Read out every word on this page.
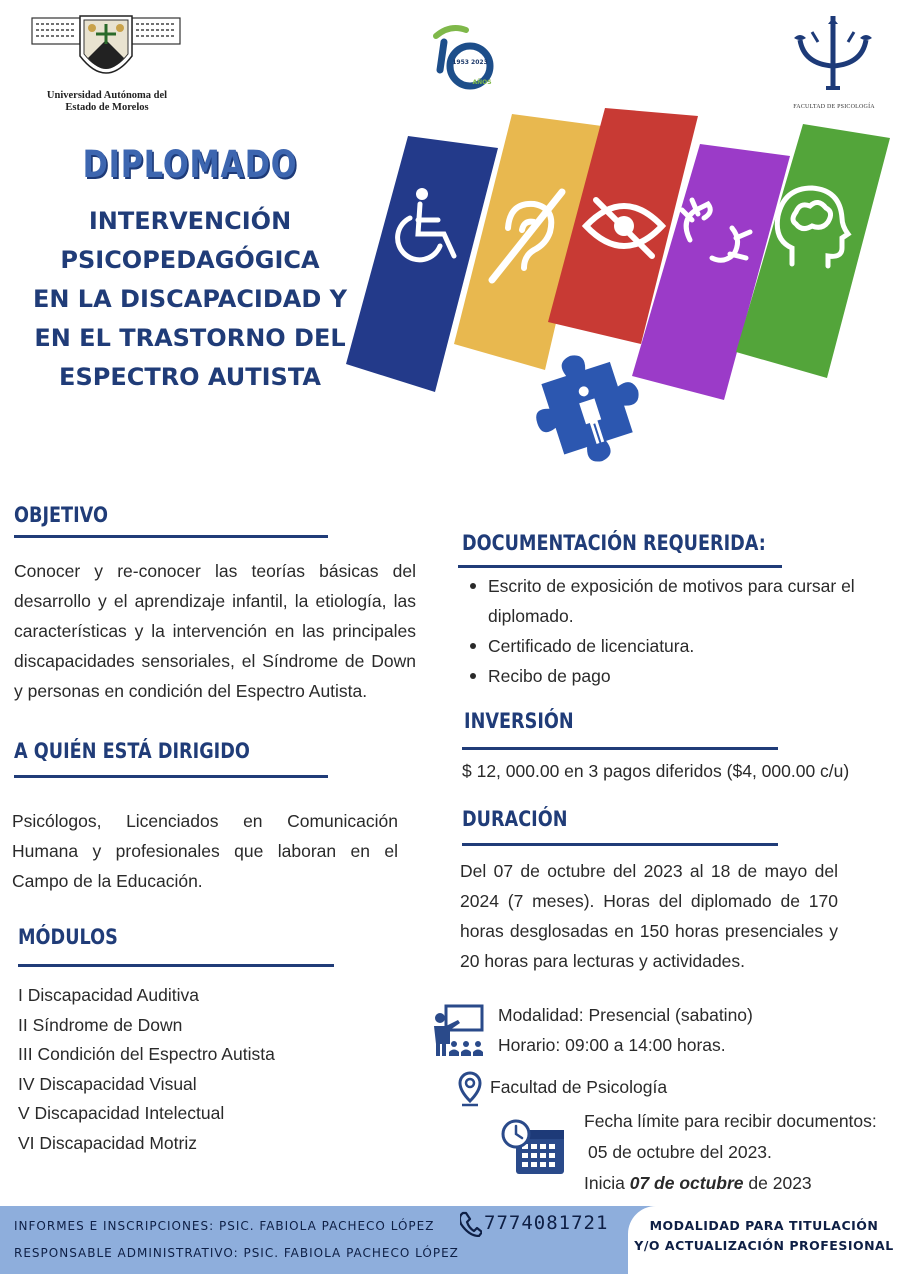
Universidad Autónoma del
Estado de Morelos
1953 2023
AÑOS
FACULTAD DE PSICOLOGÍA
DIPLOMADO
INTERVENCIÓN
PSICOPEDAGÓGICA
EN LA DISCAPACIDAD Y
EN EL TRASTORNO DEL
ESPECTRO AUTISTA
OBJETIVO
Conocer y re-conocer las teorías básicas del desarrollo y el aprendizaje infantil, la etiología, las características y la intervención en las principales discapacidades sensoriales, el Síndrome de Down y personas en condición del Espectro Autista.
A QUIÉN ESTÁ DIRIGIDO
Psicólogos, Licenciados en Comunicación Humana y profesionales que laboran en el Campo de la Educación.
MÓDULOS
I Discapacidad Auditiva
II Síndrome de Down
III Condición del Espectro Autista
IV Discapacidad Visual
V Discapacidad Intelectual
VI Discapacidad Motriz
DOCUMENTACIÓN REQUERIDA:
Escrito de exposición de motivos para cursar el diplomado.
Certificado de licenciatura.
Recibo de pago
INVERSIÓN
$ 12, 000.00 en 3 pagos diferidos ($4, 000.00 c/u)
DURACIÓN
Del 07 de octubre del 2023 al 18 de mayo del 2024 (7 meses). Horas del diplomado de 170 horas desglosadas en 150 horas presenciales y 20 horas para lecturas y actividades.
Modalidad: Presencial (sabatino)
Horario: 09:00 a 14:00 horas.
Facultad de Psicología
Fecha límite para recibir documentos:
05 de octubre del 2023.
Inicia 07 de octubre de 2023
INFORMES E INSCRIPCIONES: PSIC. FABIOLA PACHECO LÓPEZ
RESPONSABLE ADMINISTRATIVO: PSIC. FABIOLA PACHECO LÓPEZ
7774081721	MODALIDAD PARA TITULACIÓN
Y/O ACTUALIZACIÓN PROFESIONAL
